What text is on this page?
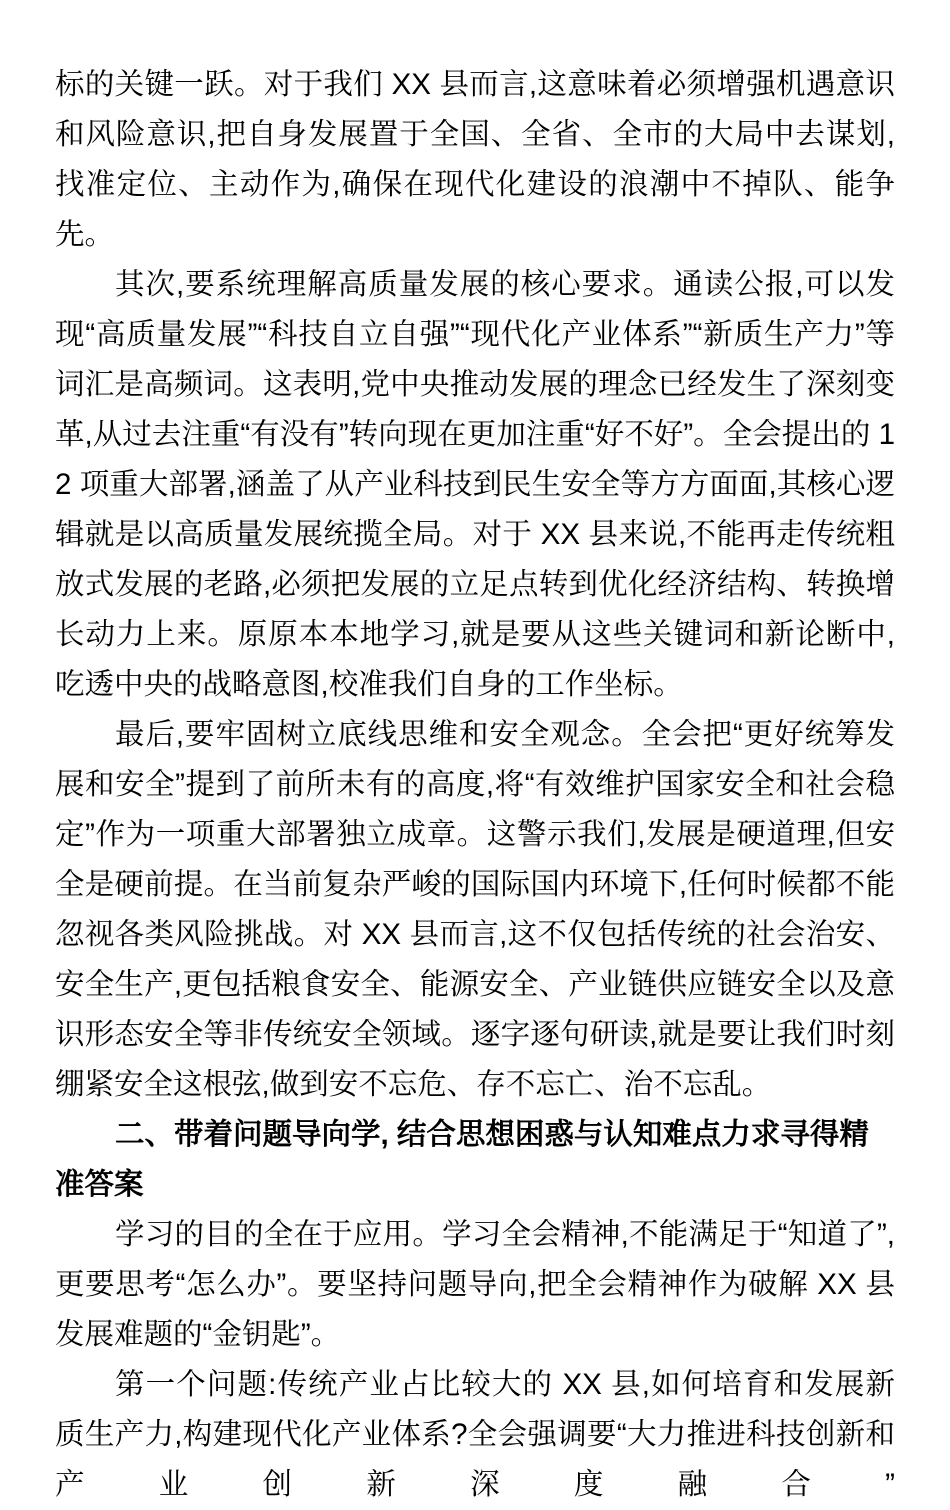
标的关键一跃。对于我们 XX 县而言,这意味着必须增强机遇意识和风险意识,把自身发展置于全国、全省、全市的大局中去谋划,找准定位、主动作为,确保在现代化建设的浪潮中不掉队、能争先。

其次,要系统理解高质量发展的核心要求。通读公报,可以发现“高质量发展”“科技自立自强”“现代化产业体系”“新质生产力”等词汇是高频词。这表明,党中央推动发展的理念已经发生了深刻变革,从过去注重“有没有”转向现在更加注重“好不好”。全会提出的 12 项重大部署,涵盖了从产业科技到民生安全等方方面面,其核心逻辑就是以高质量发展统揽全局。对于 XX 县来说,不能再走传统粗放式发展的老路,必须把发展的立足点转到优化经济结构、转换增长动力上来。原原本本地学习,就是要从这些关键词和新论断中,吃透中央的战略意图,校准我们自身的工作坐标。

最后,要牢固树立底线思维和安全观念。全会把“更好统筹发展和安全”提到了前所未有的高度,将“有效维护国家安全和社会稳定”作为一项重大部署独立成章。这警示我们,发展是硬道理,但安全是硬前提。在当前复杂严峻的国际国内环境下,任何时候都不能忽视各类风险挑战。对 XX 县而言,这不仅包括传统的社会治安、安全生产,更包括粮食安全、能源安全、产业链供应链安全以及意识形态安全等非传统安全领域。逐字逐句研读,就是要让我们时刻绷紧安全这根弦,做到安不忘危、存不忘亡、治不忘乱。

二、带着问题导向学, 结合思想困惑与认知难点力求寻得精准答案

学习的目的全在于应用。学习全会精神,不能满足于“知道了”,更要思考“怎么办”。要坚持问题导向,把全会精神作为破解 XX 县发展难题的“金钥匙”。

第一个问题:传统产业占比较大的 XX 县,如何培育和发展新质生产力,构建现代化产业体系?全会强调要“大力推进科技创新和产业创新深度融合”
